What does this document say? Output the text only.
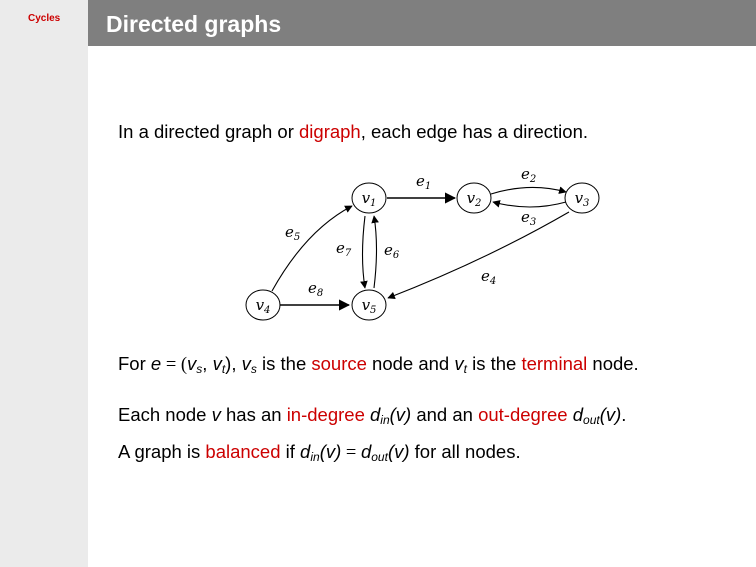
Cycles Directed graphs
In a directed graph or digraph, each edge has a direction.
$v_1$	$v_2$	$v_3$
$v_4$	$v_5$
$e_1$
$e_2$
$e_3$
$e_4$
$e_5$
$e_6$
$e_7$
$e_8$
For $e = (v_s$, $v_t$), $v_s$ is the source node and $v_t$ is the terminal node.
Each node v has an in-degree $d_{in}(v)$ and an out-degree $d_{out}(v)$.
A graph is balanced if $d_{in}(v) = d_{out}(v)$ for all nodes.
